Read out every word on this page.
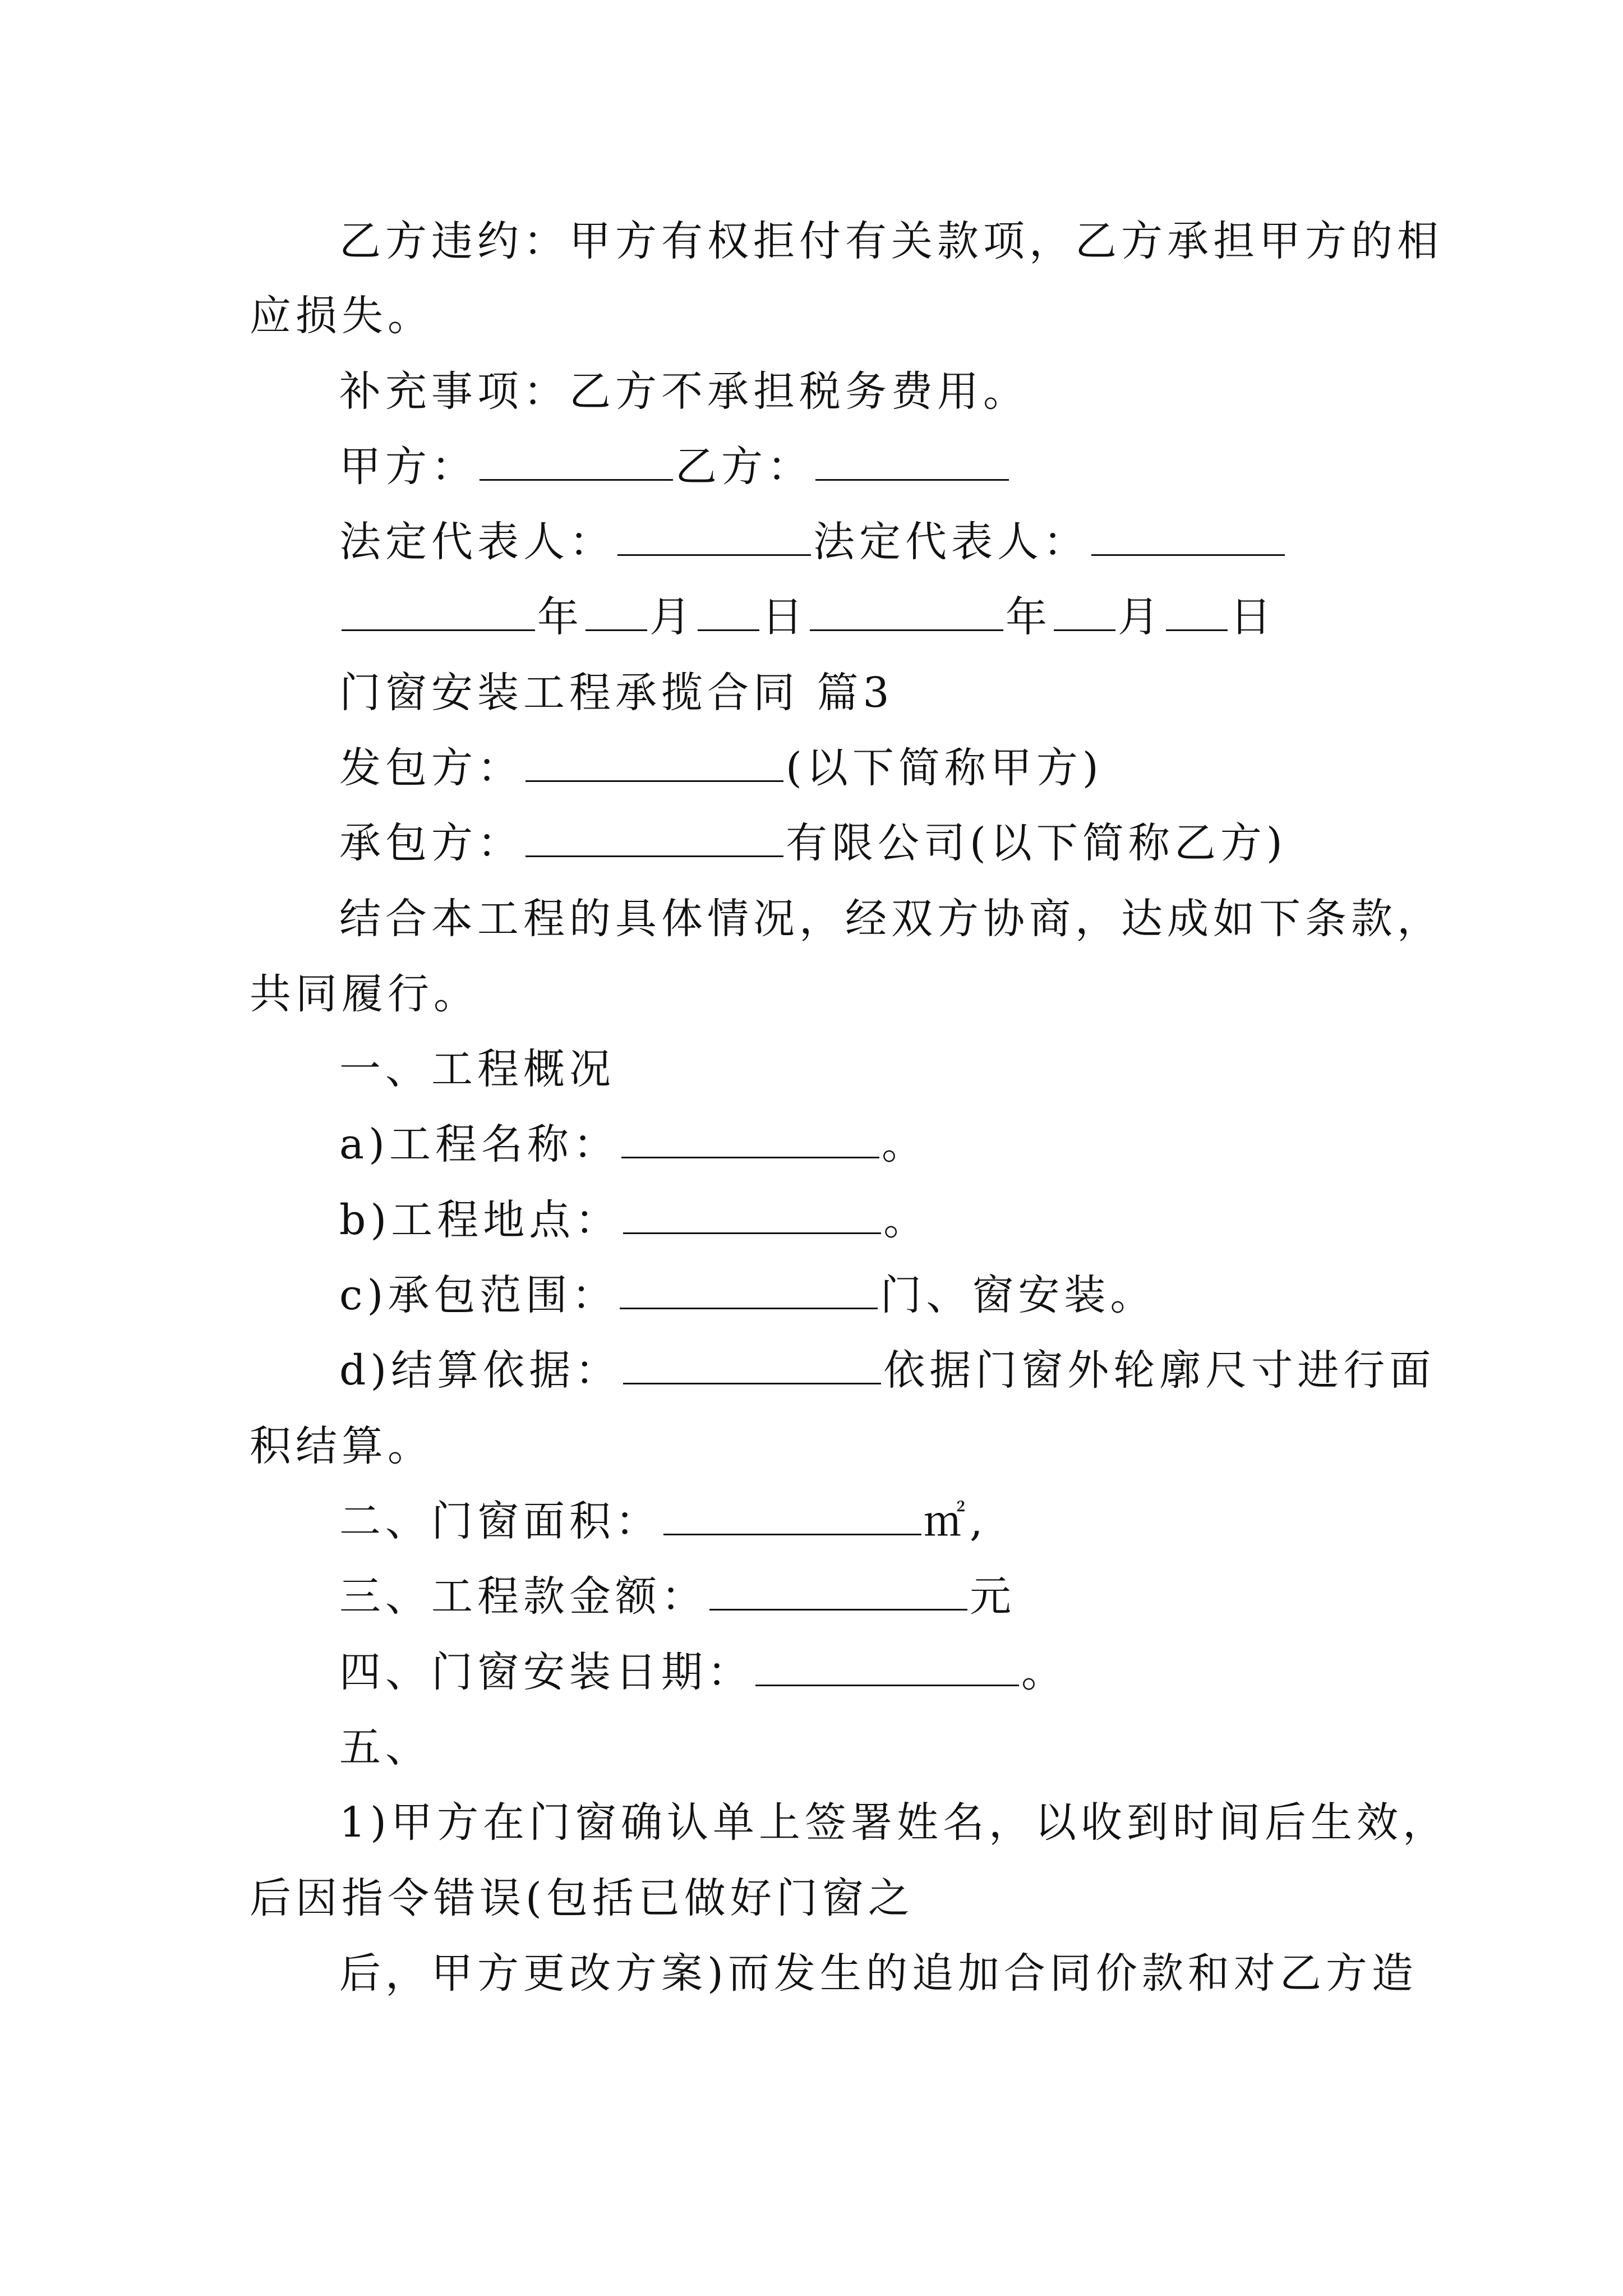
乙方违约：甲方有权拒付有关款项，乙方承担甲方的相
应损失。
补充事项：乙方不承担税务费用。
甲方：	乙方：
法定代表人：	法定代表人：
年 月 日	年 月 日
门窗安装工程承揽合同 篇3
发包方：	(以下简称甲方)
承包方：	有限公司(以下简称乙方)
结合本工程的具体情况，经双方协商，达成如下条款，
共同履行。
一、工程概况
a)工程名称：	。
b)工程地点：	。
c)承包范围：	门、窗安装。
d)结算依据：	依据门窗外轮廓尺寸进行面
积结算。
二、门窗面积：	㎡,
三、工程款金额：	元
四、门窗安装日期：	。
五、
1)甲方在门窗确认单上签署姓名，以收到时间后生效，
后因指令错误(包括已做好门窗之
后，甲方更改方案)而发生的追加合同价款和对乙方造
